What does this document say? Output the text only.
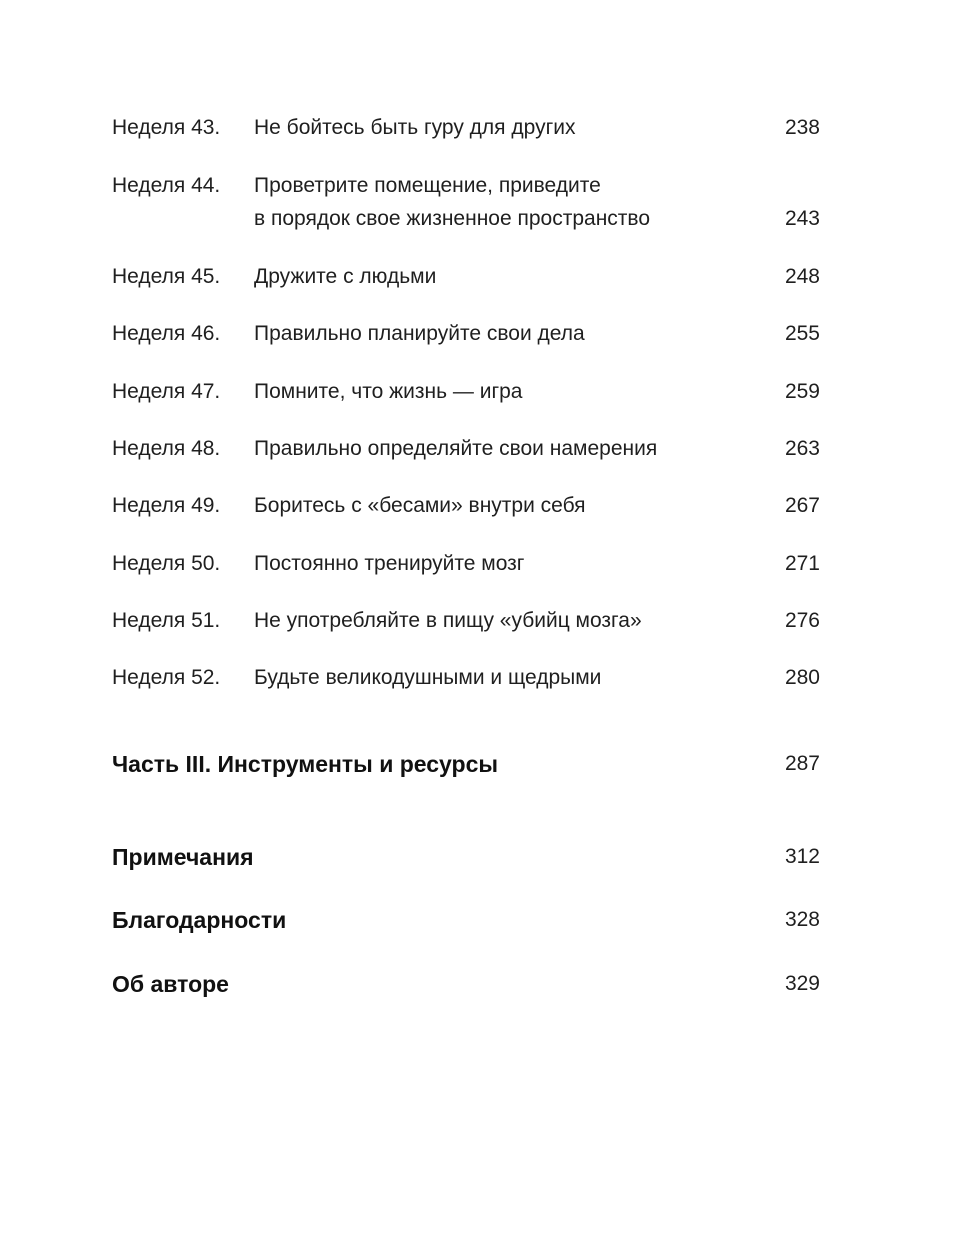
Неделя 43. Не бойтесь быть гуру для других	238
Неделя 44. Проветрите помещение, приведите
в порядок свое жизненное пространство	243
Неделя 45. Дружите с людьми	248
Неделя 46. Правильно планируйте свои дела	255
Неделя 47. Помните, что жизнь — игра	259
Неделя 48. Правильно определяйте свои намерения	263
Неделя 49. Боритесь с «бесами» внутри себя	267
Неделя 50. Постоянно тренируйте мозг	271
Неделя 51. Не употребляйте в пищу «убийц мозга»	276
Неделя 52. Будьте великодушными и щедрыми	280
Часть III. Инструменты и ресурсы	287
Примечания	312
Благодарности	328
Об авторе	329
